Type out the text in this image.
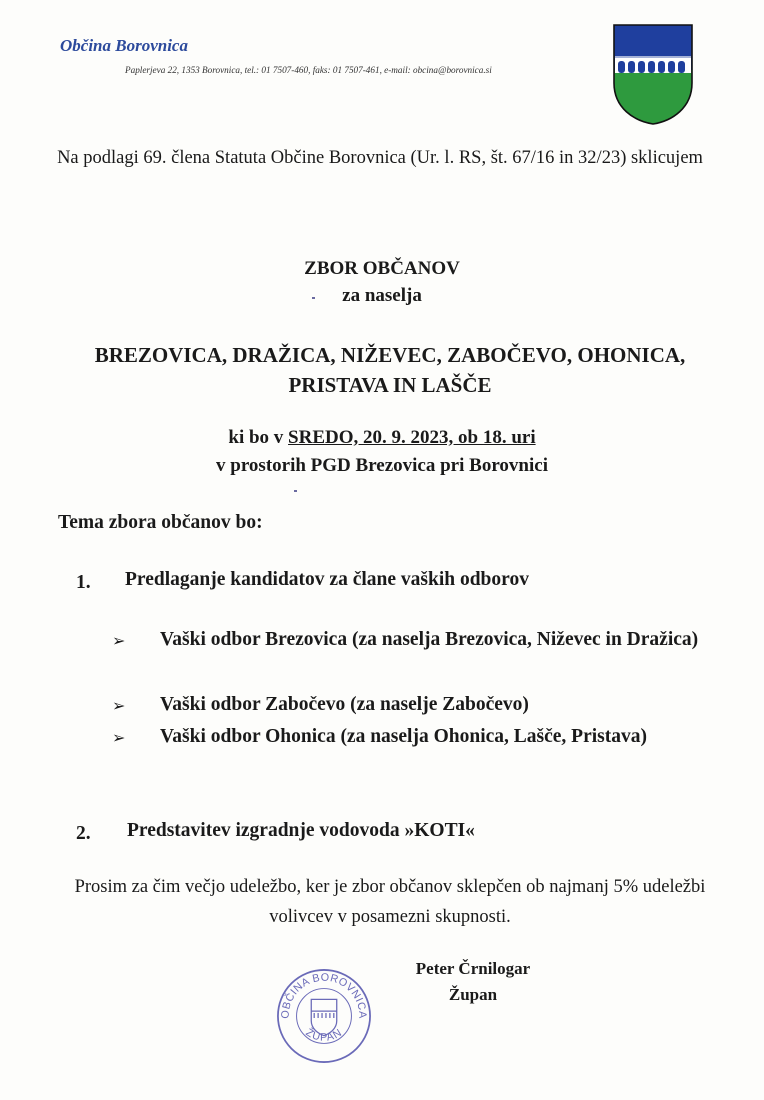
Občina Borovnica
Paplerjeva 22, 1353 Borovnica, tel.: 01 7507-460, faks: 01 7507-461, e-mail: obcina@borovnica.si
Na podlagi 69. člena Statuta Občine Borovnica (Ur. l. RS, št. 67/16 in 32/23) sklicujem
ZBOR OBČANOV
za naselja
BREZOVICA, DRAŽICA, NIŽEVEC, ZABOČEVO, OHONICA, PRISTAVA IN LAŠČE
ki bo v SREDO, 20. 9. 2023, ob 18. uri
v prostorih PGD Brezovica pri Borovnici
Tema zbora občanov bo:
1. Predlaganje kandidatov za člane vaških odborov
➢ Vaški odbor Brezovica (za naselja Brezovica, Niževec in Dražica)
➢ Vaški odbor Zabočevo (za naselje Zabočevo)
➢ Vaški odbor Ohonica (za naselja Ohonica, Lašče, Pristava)
2. Predstavitev izgradnje vodovoda »KOTI«
Prosim za čim večjo udeležbo, ker je zbor občanov sklepčen ob najmanj 5% udeležbi volivcev v posamezni skupnosti.
Peter Črnilogar
Župan
OBČINA BOROVNICA
ŽUPAN
